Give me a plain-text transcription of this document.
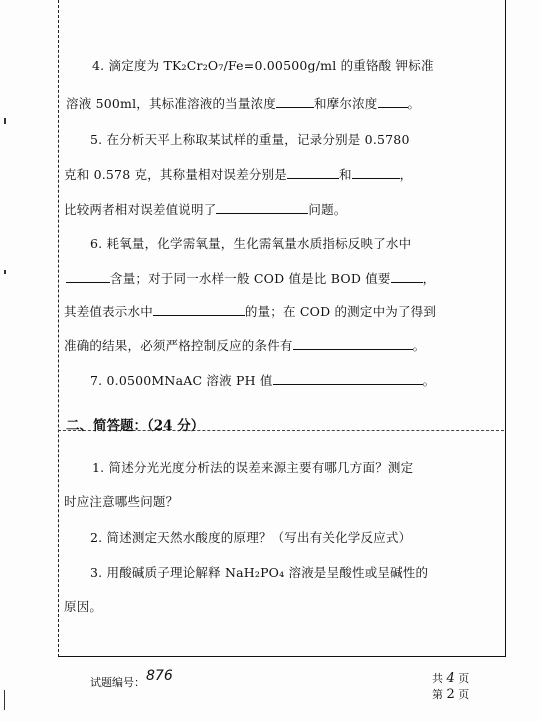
4. 滴定度为 TK₂Cr₂O₇/Fe=0.00500g/ml 的重铬酸 钾标准
溶液 500ml，其标准溶液的当量浓度	和摩尔浓度 。
5. 在分析天平上称取某试样的重量，记录分别是 0.5780
克和 0.578 克，其称量相对误差分别是	和	，
比较两者相对误差值说明了	问题。
6. 耗氧量，化学需氧量，生化需氧量水质指标反映了水中
含量；对于同一水样一般 COD 值是比 BOD 值要	，
其差值表示水中	的量；在 COD 的测定中为了得到
准确的结果，必须严格控制反应的条件有	。
7. 0.0500MNaAC 溶液 PH 值	。
二、简答题：（24 分）
1. 简述分光光度分析法的误差来源主要有哪几方面？测定
时应注意哪些问题？
2. 简述测定天然水酸度的原理？（写出有关化学反应式）
3. 用酸碱质子理论解释 NaH₂PO₄ 溶液是呈酸性或呈碱性的
原因。
试题编号： 876	共 4 页
第 2 页
